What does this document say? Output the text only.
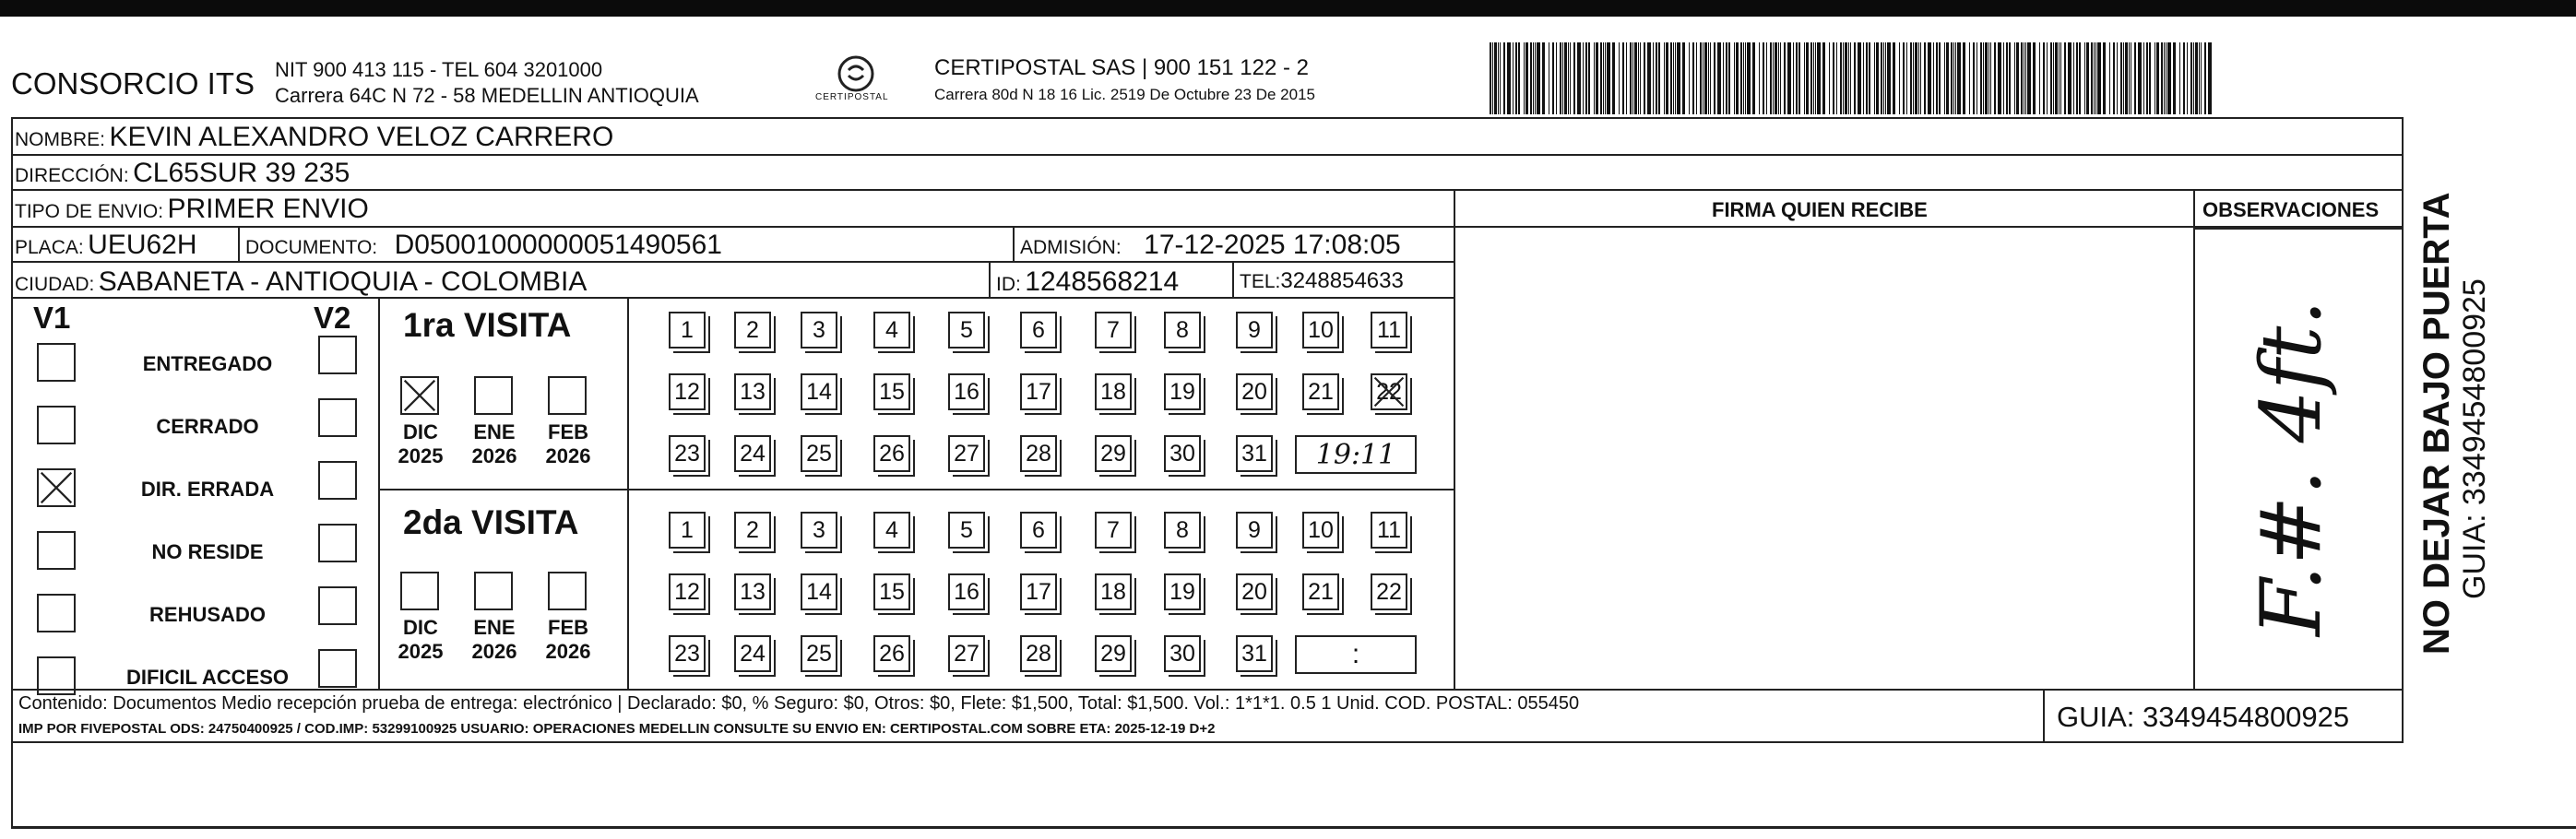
CONSORCIO ITS NIT 900 413 115 - TEL 604 3201000
Carrera 64C N 72 - 58 MEDELLIN ANTIOQUIA	CERTIPOSTAL
CERTIPOSTAL SAS | 900 151 122 - 2
Carrera 80d N 18 16 Lic. 2519 De Octubre 23 De 2015
NOMBRE: KEVIN ALEXANDRO VELOZ CARRERO
DIRECCIÓN: CL65SUR 39 235
TIPO DE ENVIO: PRIMER ENVIO	FIRMA QUIEN RECIBE	OBSERVACIONES
PLACA: UEU62H DOCUMENTO: D05001000000051490561	ADMISIÓN: 17-12-2025 17:08:05
CIUDAD: SABANETA - ANTIOQUIA - COLOMBIA	ID: 1248568214	TEL:3248854633
V1	V2 1ra VISITA
2da VISITA	F.#. 4ft.
Contenido: Documentos Medio recepción prueba de entrega: electrónico | Declarado: $0, % Seguro: $0, Otros: $0, Flete: $1,500, Total: $1,500. Vol.: 1*1*1. 0.5 1 Unid. COD. POSTAL: 055450
IMP POR FIVEPOSTAL ODS: 24750400925 / COD.IMP: 53299100925 USUARIO: OPERACIONES MEDELLIN CONSULTE SU ENVIO EN: CERTIPOSTAL.COM SOBRE ETA: 2025-12-19 D+2	GUIA: 3349454800925
NO DEJAR BAJO PUERTA GUIA: 3349454800925
ENTREGADO
CERRADO
DIR. ERRADA
NO RESIDE
REHUSADO
DIFICIL ACCESO
DIC
2025
ENE
2026
FEB
2026
DIC
2025
ENE
2026
FEB
2026
1 2 3	4	5	6	7 8	9 10 11
12 13 14 15 16 17 18 19 20 21 22
23 24 25 26 27 28 29 30 31 19:11
1 2 3	4	5	6	7 8	9 10 11
12 13 14 15 16 17 18 19 20 21 22
23 24 25 26 27 28 29 30 31	:
